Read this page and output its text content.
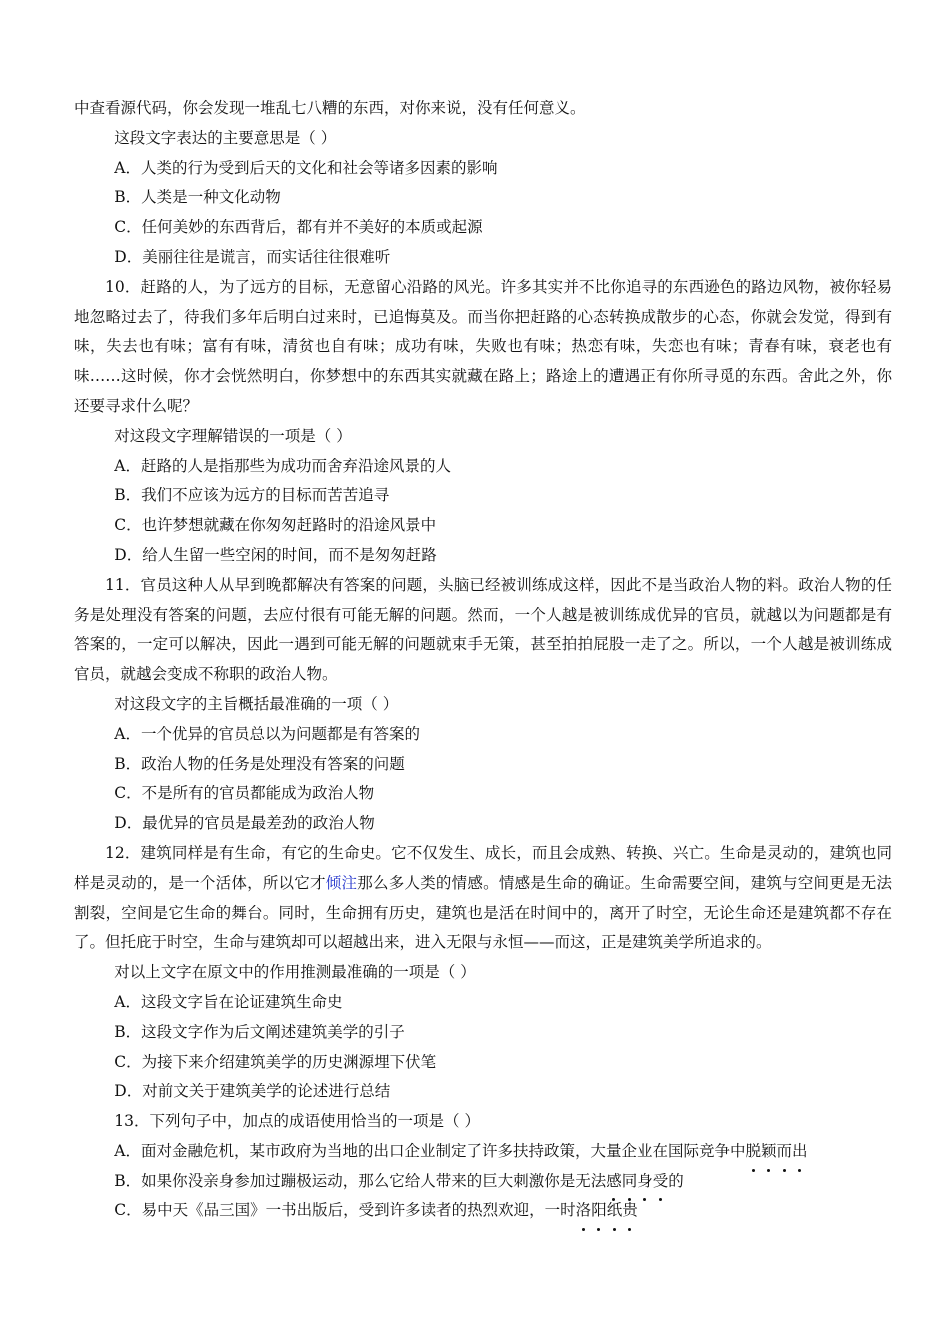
中查看源代码，你会发现一堆乱七八糟的东西，对你来说，没有任何意义。

这段文字表达的主要意思是（ ）

A．人类的行为受到后天的文化和社会等诸多因素的影响

B．人类是一种文化动物

C．任何美妙的东西背后，都有并不美好的本质或起源

D．美丽往往是谎言，而实话往往很难听

10．赶路的人，为了远方的目标，无意留心沿路的风光。许多其实并不比你追寻的东西逊色的路边风物，被你轻易地忽略过去了，待我们多年后明白过来时，已追悔莫及。而当你把赶路的心态转换成散步的心态，你就会发觉，得到有味，失去也有味；富有有味，清贫也自有味；成功有味，失败也有味；热恋有味，失恋也有味；青春有味，衰老也有味……这时候，你才会恍然明白，你梦想中的东西其实就藏在路上；路途上的遭遇正有你所寻觅的东西。舍此之外，你还要寻求什么呢？

对这段文字理解错误的一项是（ ）

A．赶路的人是指那些为成功而舍弃沿途风景的人

B．我们不应该为远方的目标而苦苦追寻

C．也许梦想就藏在你匆匆赶路时的沿途风景中

D．给人生留一些空闲的时间，而不是匆匆赶路

11．官员这种人从早到晚都解决有答案的问题，头脑已经被训练成这样，因此不是当政治人物的料。政治人物的任务是处理没有答案的问题，去应付很有可能无解的问题。然而，一个人越是被训练成优异的官员，就越以为问题都是有答案的，一定可以解决，因此一遇到可能无解的问题就束手无策，甚至拍拍屁股一走了之。所以，一个人越是被训练成官员，就越会变成不称职的政治人物。

对这段文字的主旨概括最准确的一项（ ）

A．一个优异的官员总以为问题都是有答案的

B．政治人物的任务是处理没有答案的问题

C．不是所有的官员都能成为政治人物

D．最优异的官员是最差劲的政治人物

12．建筑同样是有生命，有它的生命史。它不仅发生、成长，而且会成熟、转换、兴亡。生命是灵动的，建筑也同样是灵动的，是一个活体，所以它才倾注那么多人类的情感。情感是生命的确证。生命需要空间，建筑与空间更是无法割裂，空间是它生命的舞台。同时，生命拥有历史，建筑也是活在时间中的，离开了时空，无论生命还是建筑都不存在了。但托庇于时空，生命与建筑却可以超越出来，进入无限与永恒——而这，正是建筑美学所追求的。

对以上文字在原文中的作用推测最准确的一项是（ ）

A．这段文字旨在论证建筑生命史

B．这段文字作为后文阐述建筑美学的引子

C．为接下来介绍建筑美学的历史渊源埋下伏笔

D．对前文关于建筑美学的论述进行总结

13．下列句子中，加点的成语使用恰当的一项是（ ）

A．面对金融危机，某市政府为当地的出口企业制定了许多扶持政策，大量企业在国际竞争中脱颖而出

B．如果你没亲身参加过蹦极运动，那么它给人带来的巨大刺激你是无法感同身受的

C．易中天《品三国》一书出版后，受到许多读者的热烈欢迎，一时洛阳纸贵
